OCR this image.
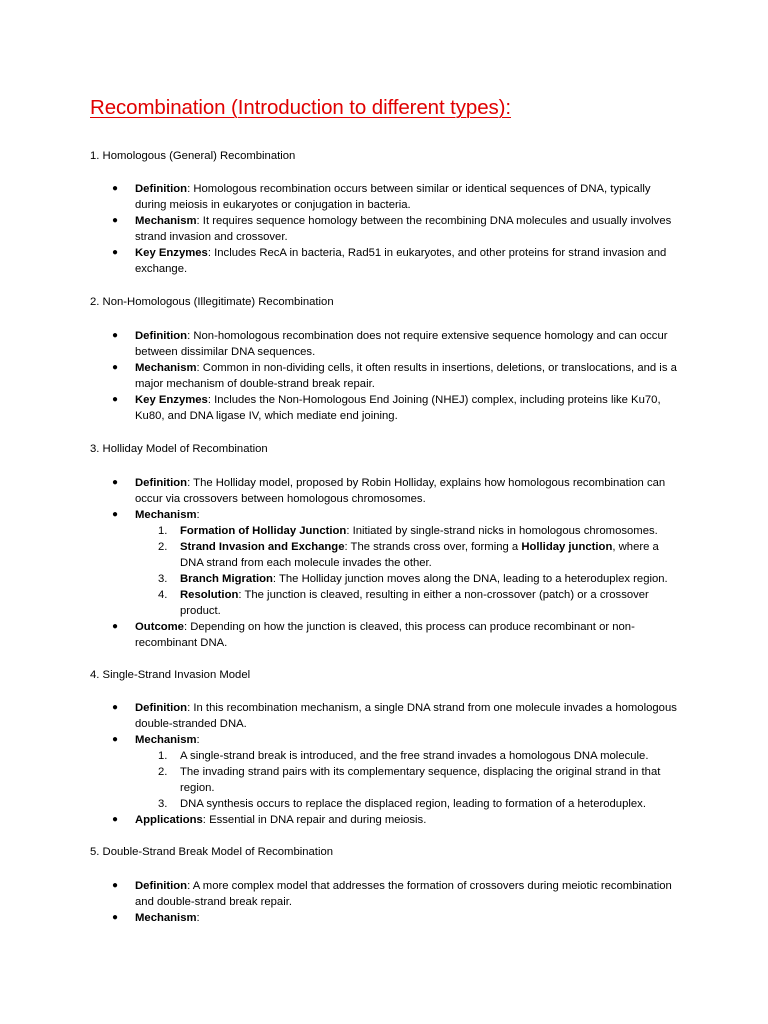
Recombination (Introduction to different types):

1. Homologous (General) Recombination

● Definition: Homologous recombination occurs between similar or identical sequences of DNA, typically during meiosis in eukaryotes or conjugation in bacteria.
● Mechanism: It requires sequence homology between the recombining DNA molecules and usually involves strand invasion and crossover.
● Key Enzymes: Includes RecA in bacteria, Rad51 in eukaryotes, and other proteins for strand invasion and exchange.

2. Non-Homologous (Illegitimate) Recombination

● Definition: Non-homologous recombination does not require extensive sequence homology and can occur between dissimilar DNA sequences.
● Mechanism: Common in non-dividing cells, it often results in insertions, deletions, or translocations, and is a major mechanism of double-strand break repair.
● Key Enzymes: Includes the Non-Homologous End Joining (NHEJ) complex, including proteins like Ku70, Ku80, and DNA ligase IV, which mediate end joining.

3. Holliday Model of Recombination

● Definition: The Holliday model, proposed by Robin Holliday, explains how homologous recombination can occur via crossovers between homologous chromosomes.
● Mechanism:
1. Formation of Holliday Junction: Initiated by single-strand nicks in homologous chromosomes.
2. Strand Invasion and Exchange: The strands cross over, forming a Holliday junction, where a DNA strand from each molecule invades the other.
3. Branch Migration: The Holliday junction moves along the DNA, leading to a heteroduplex region.
4. Resolution: The junction is cleaved, resulting in either a non-crossover (patch) or a crossover product.
● Outcome: Depending on how the junction is cleaved, this process can produce recombinant or non-recombinant DNA.

4. Single-Strand Invasion Model

● Definition: In this recombination mechanism, a single DNA strand from one molecule invades a homologous double-stranded DNA.
● Mechanism:
1. A single-strand break is introduced, and the free strand invades a homologous DNA molecule.
2. The invading strand pairs with its complementary sequence, displacing the original strand in that region.
3. DNA synthesis occurs to replace the displaced region, leading to formation of a heteroduplex.
● Applications: Essential in DNA repair and during meiosis.

5. Double-Strand Break Model of Recombination

● Definition: A more complex model that addresses the formation of crossovers during meiotic recombination and double-strand break repair.
● Mechanism:
